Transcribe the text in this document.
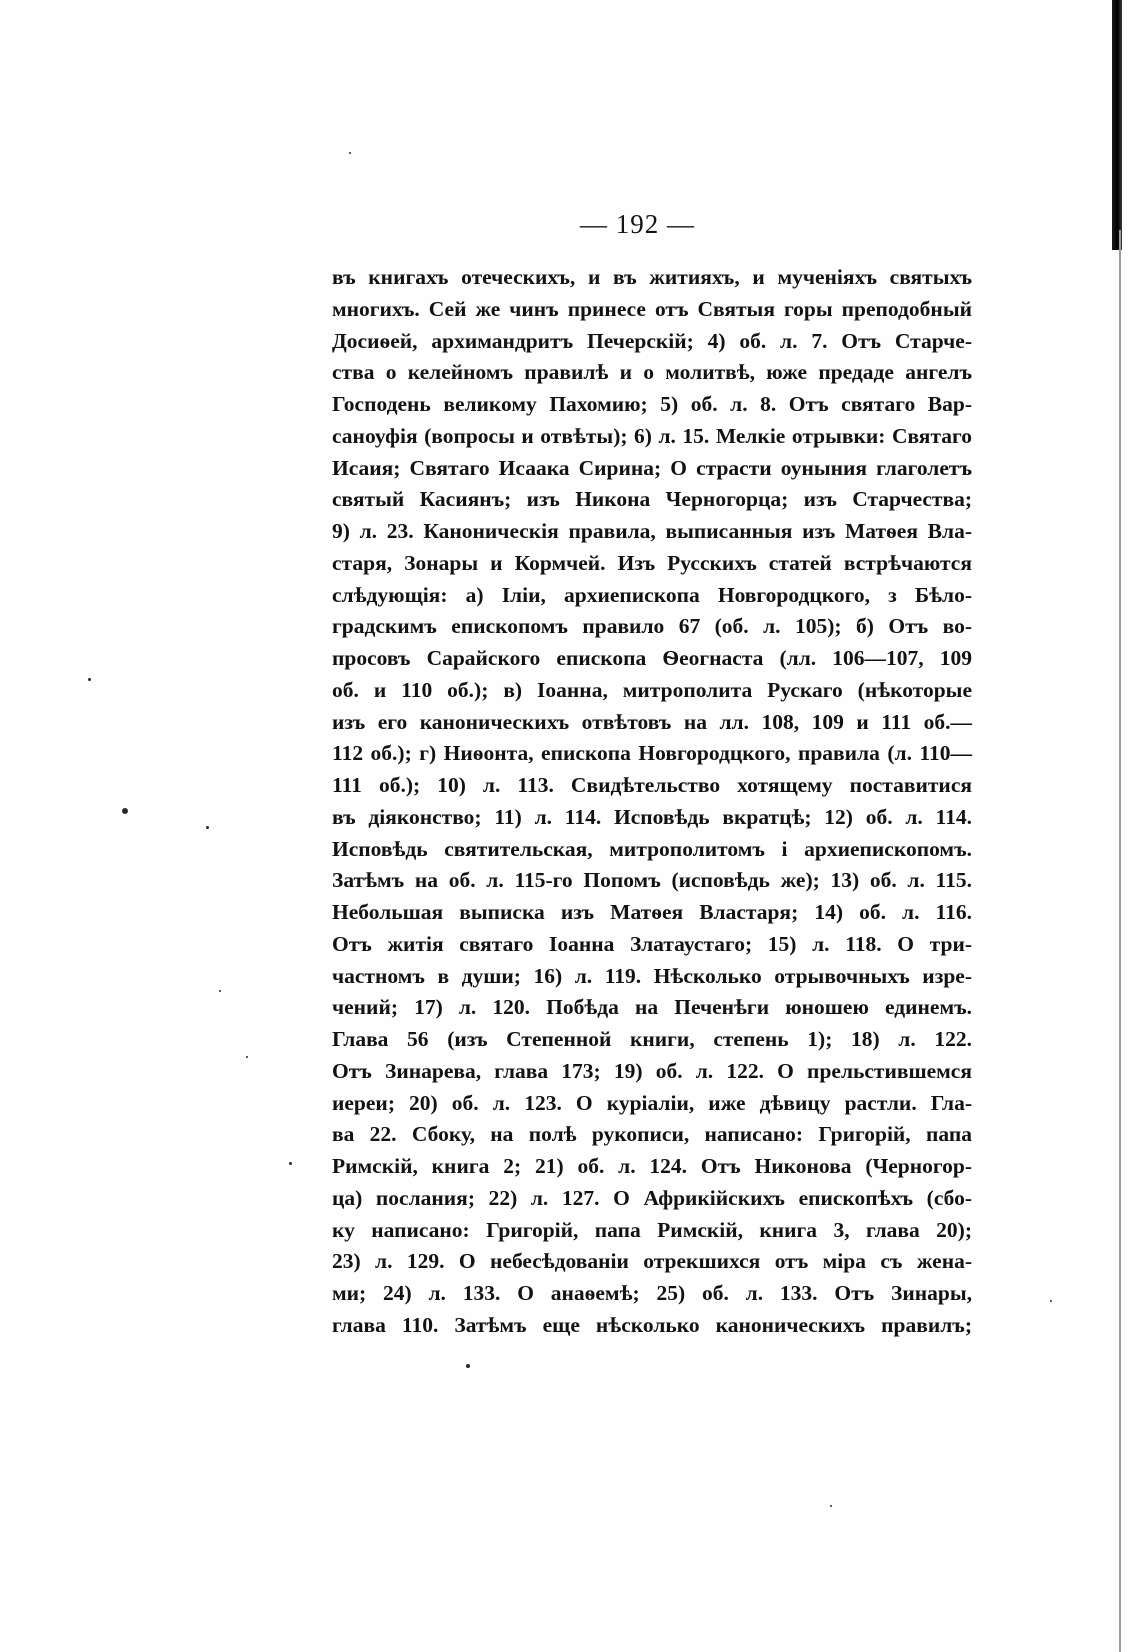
— 192 —
въ книгахъ отеческихъ, и въ житияхъ, и мученіяхъ святыхъ
многихъ. Сей же чинъ принесе отъ Святыя горы преподобный
Досиѳей, архимандритъ Печерскій; 4) об. л. 7. Отъ Старче-
ства о келейномъ правилѣ и о молитвѣ, юже предаде ангелъ
Господень великому Пахомию; 5) об. л. 8. Отъ святаго Вар-
саноуфія (вопросы и отвѣты); 6) л. 15. Мелкіе отрывки: Святаго
Исаия; Святаго Исаака Сирина; О страсти оуныния глаголетъ
святый Касиянъ; изъ Никона Черногорца; изъ Старчества;
9) л. 23. Каноническія правила, выписанныя изъ Матѳея Вла-
старя, Зонары и Кормчей. Изъ Русскихъ статей встрѣчаются
слѣдующія: а) Іліи, архиепископа Новгородцкого, з Бѣло-
градскимъ епископомъ правило 67 (об. л. 105); б) Отъ во-
просовъ Сарайского епископа Ѳеогнаста (лл. 106—107, 109
об. и 110 об.); в) Іоанна, митрополита Рускаго (нѣкоторые
изъ его каноническихъ отвѣтовъ на лл. 108, 109 и 111 об.—
112 об.); г) Ниѳонта, епископа Новгородцкого, правила (л. 110—
111 об.); 10) л. 113. Свидѣтельство хотящему поставитися
въ діяконство; 11) л. 114. Исповѣдь вкратцѣ; 12) об. л. 114.
Исповѣдь святительская, митрополитомъ і архиепископомъ.
Затѣмъ на об. л. 115-го Попомъ (исповѣдь же); 13) об. л. 115.
Небольшая выписка изъ Матѳея Властаря; 14) об. л. 116.
Отъ житія святаго Іоанна Златаустаго; 15) л. 118. О три-
частномъ в души; 16) л. 119. Нѣсколько отрывочныхъ изре-
чений; 17) л. 120. Побѣда на Печенѣги юношею единемъ.
Глава 56 (изъ Степенной книги, степень 1); 18) л. 122.
Отъ Зинарева, глава 173; 19) об. л. 122. О прельстившемся
иереи; 20) об. л. 123. О куріаліи, иже дѣвицу растли. Гла-
ва 22. Сбоку, на полѣ рукописи, написано: Григорій, папа
Римскій, книга 2; 21) об. л. 124. Отъ Никонова (Черногор-
ца) послания; 22) л. 127. О Африкійскихъ епископѣхъ (сбо-
ку написано: Григорій, папа Римскій, книга 3, глава 20);
23) л. 129. О небесѣдованіи отрекшихся отъ міра съ жена-
ми; 24) л. 133. О анаѳемѣ; 25) об. л. 133. Отъ Зинары,
глава 110. Затѣмъ еще нѣсколько каноническихъ правилъ;
